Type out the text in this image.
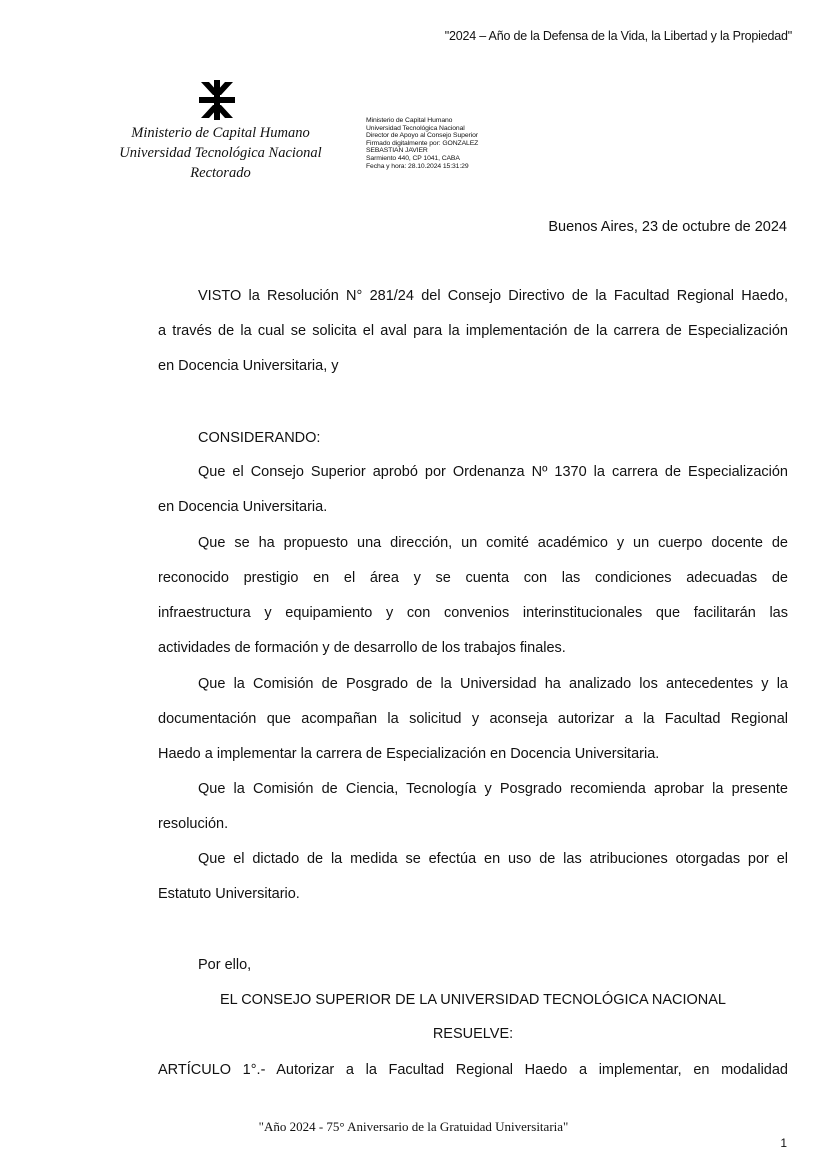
"2024 – Año de la Defensa de la Vida, la Libertad y la Propiedad"
Ministerio de Capital Humano
Universidad Tecnológica Nacional
Rectorado
Ministerio de Capital Humano
Universidad Tecnológica Nacional
Director de Apoyo al Consejo Superior
Firmado digitalmente por: GONZALEZ
SEBASTIAN JAVIER
Sarmiento 440, CP 1041, CABA
Fecha y hora: 28.10.2024 15:31:29
Buenos Aires, 23 de octubre de 2024
VISTO la Resolución N° 281/24 del Consejo Directivo de la Facultad Regional Haedo,
a través de la cual se solicita el aval para la implementación de la carrera de Especialización
en Docencia Universitaria, y
CONSIDERANDO:
Que el Consejo Superior aprobó por Ordenanza Nº 1370 la carrera de Especialización
en Docencia Universitaria.
Que se ha propuesto una dirección, un comité académico y un cuerpo docente de
reconocido prestigio en el área y se cuenta con las condiciones adecuadas de
infraestructura y equipamiento y con convenios interinstitucionales que facilitarán las
actividades de formación y de desarrollo de los trabajos finales.
Que la Comisión de Posgrado de la Universidad ha analizado los antecedentes y la
documentación que acompañan la solicitud y aconseja autorizar a la Facultad Regional
Haedo a implementar la carrera de Especialización en Docencia Universitaria.
Que la Comisión de Ciencia, Tecnología y Posgrado recomienda aprobar la presente
resolución.
Que el dictado de la medida se efectúa en uso de las atribuciones otorgadas por el
Estatuto Universitario.
Por ello,
EL CONSEJO SUPERIOR DE LA UNIVERSIDAD TECNOLÓGICA NACIONAL
RESUELVE:
ARTÍCULO 1°.- Autorizar a la Facultad Regional Haedo a implementar, en modalidad
"Año 2024 - 75° Aniversario de la Gratuidad Universitaria"
1
